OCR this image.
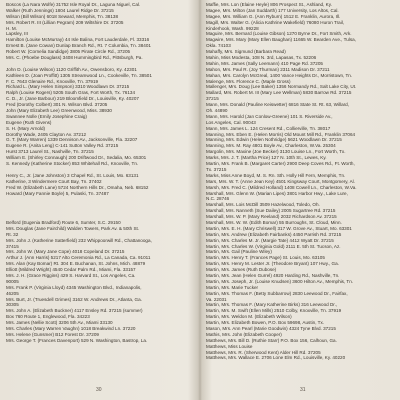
Boscos (La Nara Wolfe) 31752 Isle Royal Dr., Laguna Niguel, Cal.
Walker (Ruth Jennings) 1804 Laurel Ridge Dr. 37215
Wilson (Bill Wilson) 6018 Seward, Memphis, Tn. 38138
Mrs. Robert R. III (Lillian Pegram) 209 Wiltshire Dr. 37205
H. M.
Lapsley, III
Hamilton (Louise McMurray) 44 Isle Balina, Fort Lauderdale, Fl. 33316
Ernest B. (Jane Cowan) Dunlap Branch Rd., Rt. 7 Columbia, Tn. 38401
Robert W. (Cornelia Sandidge) 3805 Pirate Circle Rd., 37205
Mrs. C. (Phoebe Douglass) 3408 Hummingbird Rd., Pittsburgh, Pa.
John D. (Louise Wilson) 1120 Griffith Av., Owensboro, Ky. 42301
Kathleen D. (Joan Proffitt) 1305 Streamwood Ln., Cookeville, Tn. 38501
F. C. 7643 Glenaire Rd., Knoxville, Tn. 37919
Richard L. (Mary Helen Simpson) 3310 Woodlawn Dr. 37215
Ralph (Louise Rogers) 5205 South Gras, Fort Worth, Tx. 76134
C. D., Jr. (Jane Barbour) 219 Bloomfield Dr., Louisville, Ky. 40207
Fred (Dorothy Colbert) 301 N. Wilson Blvd. 37205
John (Mary Elizabeth Lee) Greenwood, Miss. 38930
Swannee Nolle (Emily Josephine Craig)
Eugene (Ruth Givens)
S. H. (Mary Arnold)
Dorothy Wade, 2405 Clayton Av. 37212
G. T. (Mary Warren) 1339 Dennison Av., Jacksonville, Fla. 32207
Eugene R. (Anita Leng) C-141 Sutton Valley Rd. 37215
Hurst 3713 Laurel St., Nashville, Tn. 37215
William E. (Shirley Connaugh) 200 Driftwood Dr., Sedalia, Mo. 65301
S. Kennedy (Katherine Stocker) 853 Whitehall Rd., Knoxville, Tn.
Henry C., Jr. (Jane Johnston) 3 Chapel Rd., St. Louis, Mo. 63131
Katherine, 3 Windermere Court Bay, Tn. 37402
Fred W. (Elizabeth Lane) 5724 Northern Hills Dr., Omaha, Neb. 68152
Howard (Mary Fannie Boyle) 5, Pulaski, Tn. 37487
Belford (Eugenia Bradford) Route 6, Sumter, S.C. 29150
Mrs. Douglas (Jane Fairchild) Walden Towers, Park Av. & 50th St.
Rt. 32
Mrs. John J. (Katherine Satterfield) 232 Whippoorwill Rd., Chattanooga,
37415
Mrs. John W. (Mary Jane Cope) 4018 Copeland Dr. 37215
Arthur J. (Ann Harris) 5217 Alto Ceremonia Rd., La Canada, Ca. 91011
Mrs. Alan (Kay Bomar) Rt. 304 E. Buchanan, St. Johns, Mich. 48879
Elliott (Mildred Wright) 4540 Cedar Palm Rd., Miami, Fla. 33157
Mrs. J. H. (Grace Riggins) 429 S. Harvard St., Los Angeles, Ca.
90005
Mrs. Frank P. (Virginia Lloyd) 4345 Washington Blvd., Indianapolis,
46205
Mrs. Burt, Jr. (Truesdell Grimes) 3162 W. Andrews Dr., Atlanta, Ga.
30305
Mrs. John A. (Elizabeth Buckner) 4117 Ensley Rd. 37215 (summer)
Box 760 Route 1, Englewood, Fla. 34223
Mrs. James (Nellie Scott) 3206 5th Av., Miami 33130
Mrs. Charles (Mary Warren Vaughn) 1018 Breakwind Ln. 37220
Mrs. Helene (Gunsmer) B12 Forest Dr. 37209
Mrs. George T. (Frances Davenport) 529 N. Washington, Bastrop, La.
30
Maffie, Mrs. Lon (Elaine Heyle) 806 Prospect St., Ashland, Ky.
Magee, Mrs. Milton (Jan Suddarth) 177 University, Los Altos, Cal.
Magee, Mrs. William G. (Ann Ryburn) 1512 E. Franklin, Aurora, Ill.
Magill, Mrs. Walter G. (Alicia Kathrine Wakefield) 76080 Huron Trail,
Kinderhook, Wash. 99228
Maguire, Mrs. Bernard (Louise Gibson) 1270 Byrne Dr., Fort Smith, Ark.
Magwire, Mrs. Mary (Mary Ellen Baughan) 11665 W. Bearden Ave., Tulsa,
Okla. 74103
Mahaffy, Mrs. Sigmund (Barbara Read)
Mahin, Miss Modesta, 108 N. 3rd, Lapasas, Tx. 52206
Mahin, Mrs. James (Sally Leemann) 410 Page Rd. 37205
Mahon, Mrs. Paul R. (Joy Thurman) 2311 Madison Dr. 37211
Mahan, Mrs. Carolyn McGreal, 1400 Vance Heights Dr., Morristown, Tn.
Malenge, Mrs. Florence C. (Maple Gross)
Mallenger, Mrs. Doug (Lee Baker) 1356 Normandy Rd., Salt Lake City, Ut.
Mallard, Mrs. Robert M. III (Mary Lee Wellman) 5830 Barrow Rd. 37215
37215
Mann, Mrs. Donald (Pauline Keiswetter) 6816 State St. Rt. 63, Willard,
Oh. 44890
Mann, Mrs. Harold (Jan Conlow-Greene) 101 S. Riverside Av.,
Los Angeles, Cal. 90043
Mann, Mrs. James L. 124 Cresent Rd., Collierville, Tn. 38017
Manning, Mrs. Eben E. (Helen Morris) Old Mount Mill Rd., Franklin 37064
Manning, Mrs. Edwin (Helen Nothridge) 5621 Woodlawn Dr. 37215
Manning, Mrs. M. Ray 4801 Boyle Av., Charleston, W.Va. 25304
Margolin, Mrs. Maxine (Joe Becker) 3130 Louise Ln., Fort Worth, Tx.
Marks, Mrs. J. T. (Martha Price) 127 N. 10th St., Lewes, Ky.
Martin, Mrs. Frank B. (Margaret Carter) 2900 Deep Coves Rd., Ft. Worth,
Tx. 37215
Marks, Miss Anne Boyd, M. S. Rn. Sth. Holly Hill Fern, Memphis, Tn.
Mars, Mrs. W. T. (Anne Jean Key) 4501 Kingsway Court, Montgomery, Al.
Marsh, Mrs. Fred C. (Mildred Holland) 1408 Cowell Ln., Charleston, W.Va.
Marshall, Mrs. Glenn W. (Marian Lipes) 3801 Harbor Hwy., Lake Lure,
N.C. 28746
Marshall, Mrs. Lois McDill 3509 Hazelwood, Toledo, Oh.
Marshall, Mrs. Nanneth (Sue Dailey) 2005 Sugartree Rd. 37215
Marshall, Mrs. W. P. (Mary Reeland) 2032 Richardson Av. 37215
Marshall, Mrs. W. W. (Edith Bomar) 55 Burroughs, St. Cloud, Minn.
Martin, Mrs. E. H. (Mary Chriswell) 317 W. Grove Av., Stuart, Mo. 63301
Martin, Mrs. Andrew (Elizabeth Fairbanks) 4450 Parrish Rd. 37215
Martin, Mrs. Charles M. Jr. (Margie Tate) 4412 Wyatt Dr. 37215
Martin, Mrs. Charles W. (Virginia Gold) 2111 E. 5th St. Tucson, Az.
Martin, Mrs. Gail (Pauline Wiley)
Martin, Mrs. Henry T. (Frances Page) St. Louis, Mo. 63105
Martin, Mrs. Henry M. Lester Jr. (Theodore Bryant) 107 Hwy., Ga.
Martin, Mrs. James (Ruth Dubose)
Martin, Mrs. Jean (Helen Gurrel) 4920 Harding Rd., Nashville, Tn.
Martin, Mrs. Joseph, Jr. (Louise Knudsen) 3600 Hilton Av., Memphis, Tn.
Martin, Mrs. Marie Tucker
Martin, Mrs. Thomas F. (Betty Subbarrow) 2830 Leewood Dr., Fairfax,
Va. 22031
Martin, Mrs. Thomas F. (Mary Katherine Birks) 316 Leewood Dr.,
Martin, Mrs. M. Swift (Ellen Mills) 2510 Colby, Knoxville, Tn. 37919
Martin, Mrs. Weldon M. (Elizabeth Wilson)
Martin, Mrs. Elizabeth Bowen, P.O. Box 59698, Austin, Tx.
Mason, Mrs. Ann Pearl (Marie Goodwin) 4324 Tyne Blvd. 37215
Mathis, Mrs. John (Elizabeth Cooper)
Matthews, Mrs. Bill D. (Ruthie Starr) P.O. Box 156, Calhoun, Ga.
Matthews, Miss Louise
Matthews, Mrs. R. (Sherwood Kent) Alder Hill Rd. 37205
Matthews, Mrs. Wallace E. 2706 Lone Elm Rd., Louisville, Ky. 40220
31
